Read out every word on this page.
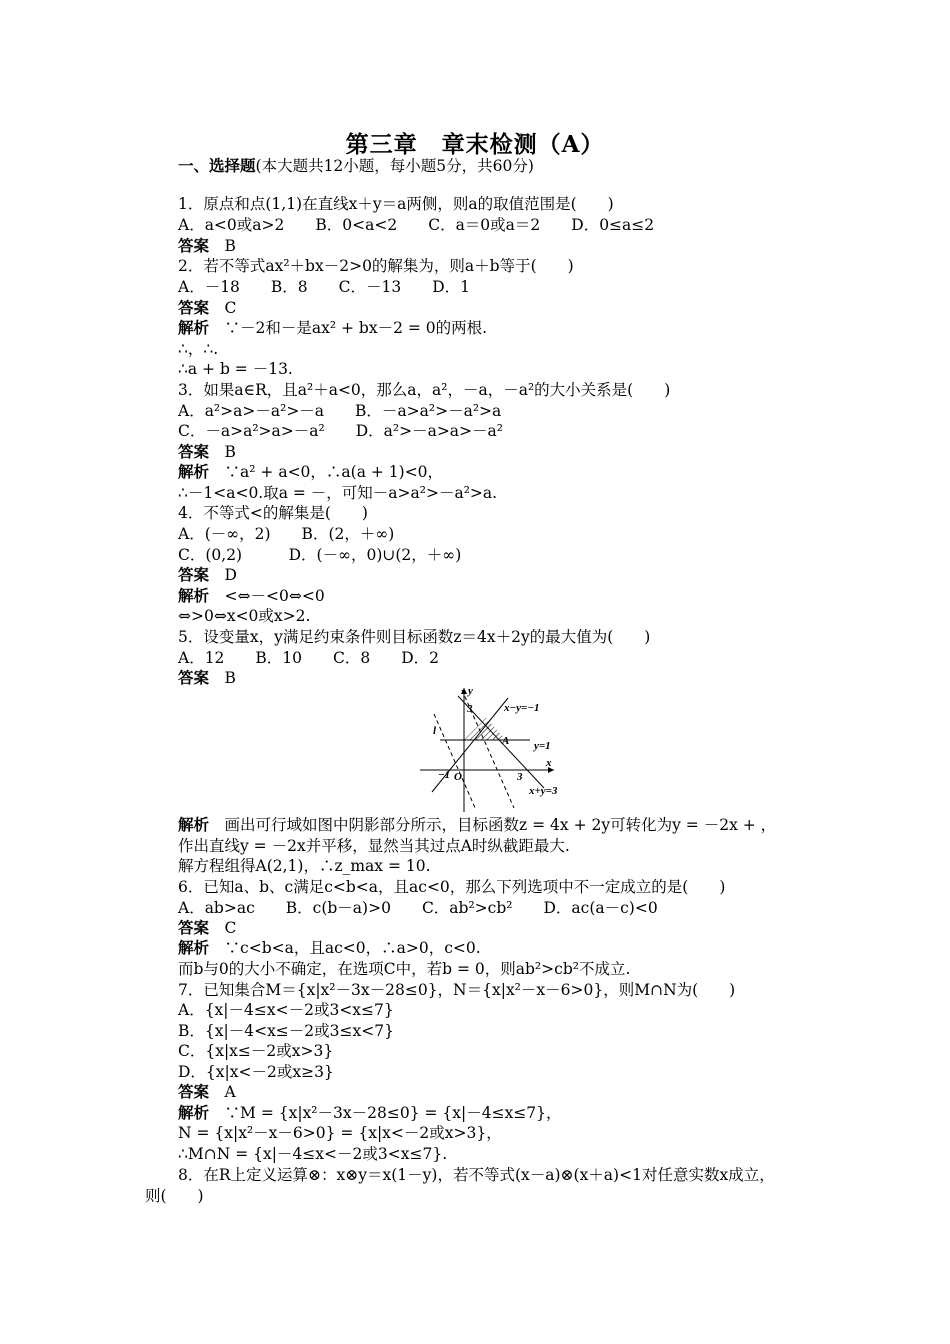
第三章　章末检测（A）
一、选择题(本大题共12小题，每小题5分，共60分)
1．原点和点(1,1)在直线x＋y＝a两侧，则a的取值范围是(　　)
A．a<0或a>2　　B．0<a<2　　C．a＝0或a＝2　　D．0≤a≤2
答案　 B
2．若不等式ax²＋bx－2>0的解集为，则a＋b等于(　　)
A．－18　　B．8　　C．－13　　D．1
答案　 C
解析　 ∵－2和－是ax² + bx－2 = 0的两根.
∴，∴.
∴a + b = －13.
3．如果a∈R，且a²＋a<0，那么a，a²，－a，－a²的大小关系是(　　)
A．a²>a>－a²>－a　　B．－a>a²>－a²>a
C．－a>a²>a>－a²　　D．a²>－a>a>－a²
答案　 B
解析　 ∵a² + a<0，∴a(a + 1)<0，
∴－1<a<0.取a = －，可知－a>a²>－a²>a.
4．不等式<的解集是(　　)
A．(－∞，2)　　B．(2，＋∞)
C．(0,2)　　　D．(－∞，0)∪(2，＋∞)
答案　 D
解析　 <⇔－<0⇔<0
⇔>0⇔x<0或x>2.
5．设变量x，y满足约束条件则目标函数z＝4x＋2y的最大值为(　　)
A．12　　B．10　　C．8　　D．2
答案　 B
y
x
O
−1
3
3
l
A
x−y=−1
y=1
x+y=3
解析　 画出可行域如图中阴影部分所示，目标函数z = 4x + 2y可转化为y = －2x + ，
作出直线y = －2x并平移，显然当其过点A时纵截距最大.
解方程组得A(2,1)，∴z_max = 10.
6．已知a、b、c满足c<b<a，且ac<0，那么下列选项中不一定成立的是(　　)
A．ab>ac　　B．c(b－a)>0　　C．ab²>cb²　　D．ac(a－c)<0
答案　 C
解析　 ∵c<b<a，且ac<0，∴a>0，c<0.
而b与0的大小不确定，在选项C中，若b = 0，则ab²>cb²不成立.
7．已知集合M＝{x|x²－3x－28≤0}，N＝{x|x²－x－6>0}，则M∩N为(　　)
A．{x|－4≤x<－2或3<x≤7}
B．{x|－4<x≤－2或3≤x<7}
C．{x|x≤－2或x>3}
D．{x|x<－2或x≥3}
答案　 A
解析　 ∵M = {x|x²－3x－28≤0} = {x|－4≤x≤7}，
N = {x|x²－x－6>0} = {x|x<－2或x>3}，
∴M∩N = {x|－4≤x<－2或3<x≤7}.
8．在R上定义运算⊗：x⊗y＝x(1－y)，若不等式(x－a)⊗(x＋a)<1对任意实数x成立，
则(　　)
